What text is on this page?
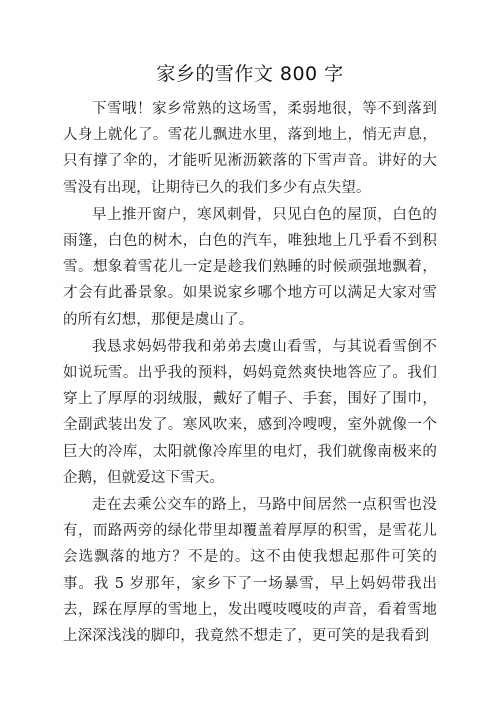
家乡的雪作文 800 字

下雪哦！家乡常熟的这场雪，柔弱地很，等不到落到人身上就化了。雪花儿飘进水里，落到地上，悄无声息，只有撑了伞的，才能听见淅沥簌落的下雪声音。讲好的大雪没有出现，让期待已久的我们多少有点失望。

早上推开窗户，寒风刺骨，只见白色的屋顶，白色的雨篷，白色的树木，白色的汽车，唯独地上几乎看不到积雪。想象着雪花儿一定是趁我们熟睡的时候顽强地飘着，才会有此番景象。如果说家乡哪个地方可以满足大家对雪的所有幻想，那便是虞山了。

我恳求妈妈带我和弟弟去虞山看雪，与其说看雪倒不如说玩雪。出乎我的预料，妈妈竟然爽快地答应了。我们穿上了厚厚的羽绒服，戴好了帽子、手套，围好了围巾，全副武装出发了。寒风吹来，感到冷嗖嗖，室外就像一个巨大的冷库，太阳就像冷库里的电灯，我们就像南极来的企鹅，但就爱这下雪天。

走在去乘公交车的路上，马路中间居然一点积雪也没有，而路两旁的绿化带里却覆盖着厚厚的积雪，是雪花儿会选飘落的地方？不是的。这不由使我想起那件可笑的事。我 5 岁那年，家乡下了一场暴雪，早上妈妈带我出去，踩在厚厚的雪地上，发出嘎吱嘎吱的声音，看着雪地上深深浅浅的脚印，我竟然不想走了，更可笑的是我看到
